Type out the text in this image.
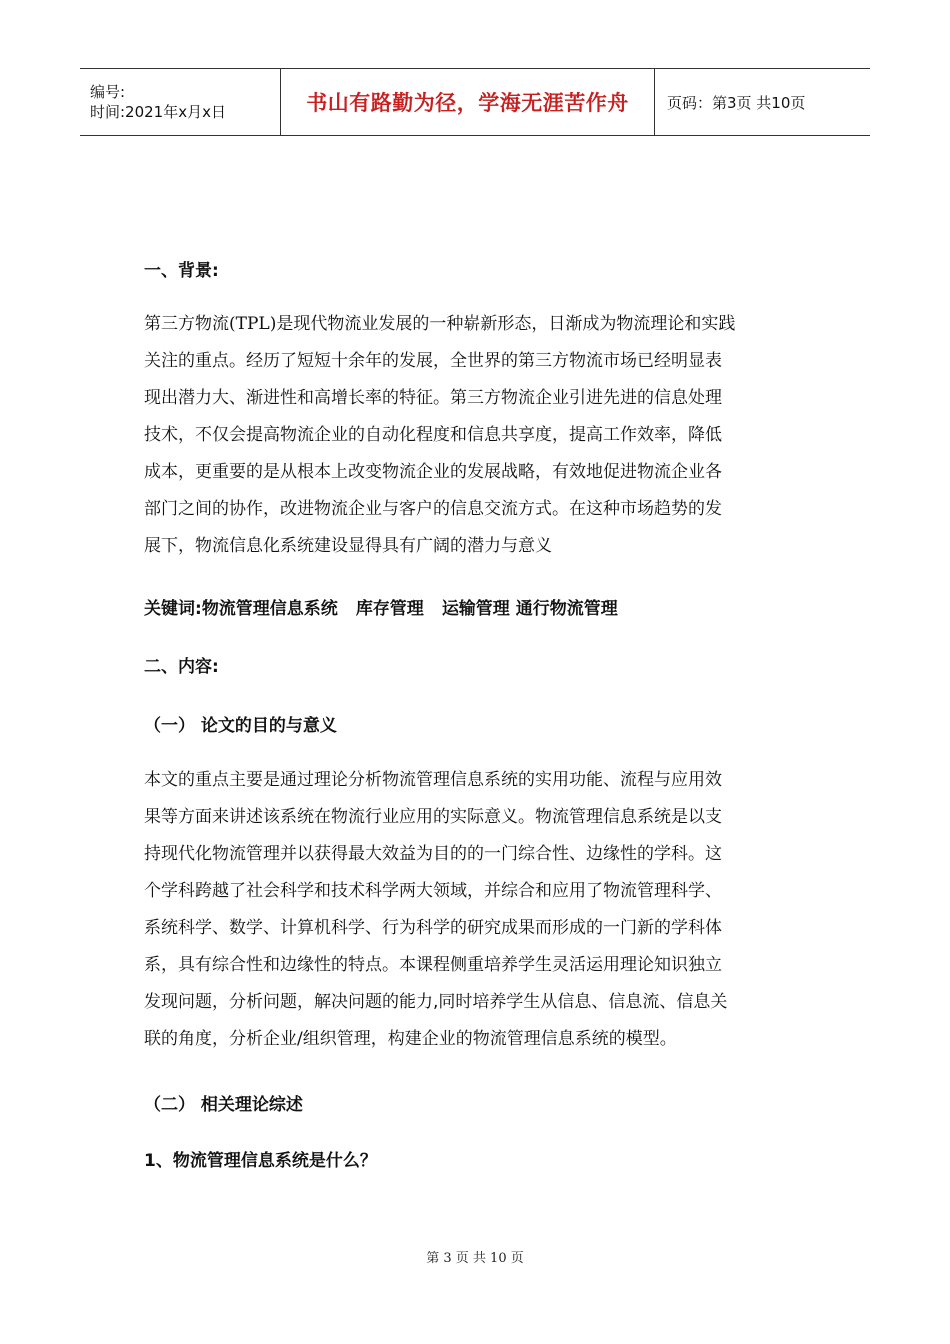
编号:
时间:2021年x月x日	书山有路勤为径，学海无涯苦作舟	页码：第3页 共10页
一、背景:
第三方物流(TPL)是现代物流业发展的一种崭新形态，日渐成为物流理论和实践
关注的重点。经历了短短十余年的发展，全世界的第三方物流市场已经明显表
现出潜力大、渐进性和高增长率的特征。第三方物流企业引进先进的信息处理
技术，不仅会提高物流企业的自动化程度和信息共享度，提高工作效率，降低
成本，更重要的是从根本上改变物流企业的发展战略，有效地促进物流企业各
部门之间的协作，改进物流企业与客户的信息交流方式。在这种市场趋势的发
展下，物流信息化系统建设显得具有广阔的潜力与意义
关键词:物流管理信息系统 库存管理 运输管理 通行物流管理
二、内容:
（一） 论文的目的与意义
本文的重点主要是通过理论分析物流管理信息系统的实用功能、流程与应用效
果等方面来讲述该系统在物流行业应用的实际意义。物流管理信息系统是以支
持现代化物流管理并以获得最大效益为目的的一门综合性、边缘性的学科。这
个学科跨越了社会科学和技术科学两大领域，并综合和应用了物流管理科学、
系统科学、数学、计算机科学、行为科学的研究成果而形成的一门新的学科体
系，具有综合性和边缘性的特点。本课程侧重培养学生灵活运用理论知识独立
发现问题，分析问题，解决问题的能力,同时培养学生从信息、信息流、信息关
联的角度，分析企业/组织管理，构建企业的物流管理信息系统的模型。
（二） 相关理论综述
1、物流管理信息系统是什么？
第 3 页 共 10 页
